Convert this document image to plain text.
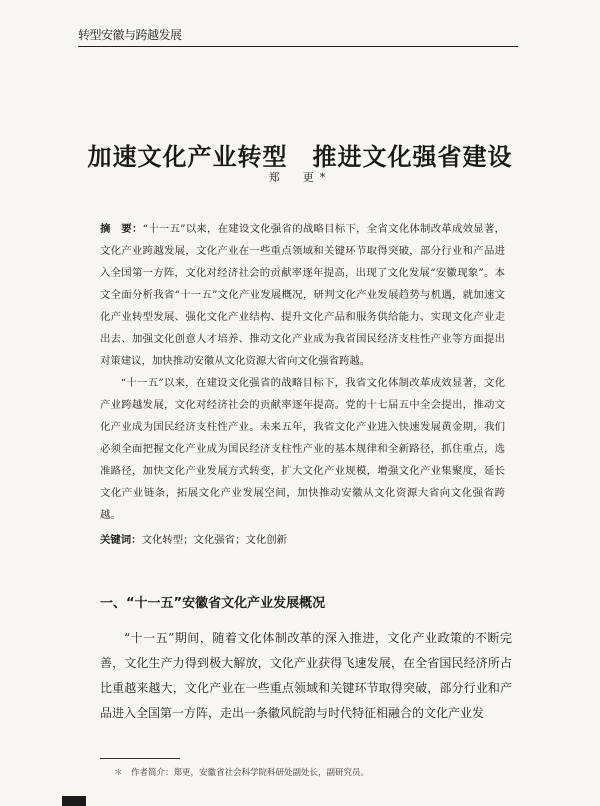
转型安徽与跨越发展
加速文化产业转型　推进文化强省建设
郑　更*

摘　要：“十一五”以来，在建设文化强省的战略目标下，全省文化体制改革成效显著，文化产业跨越发展，文化产业在一些重点领域和关键环节取得突破，部分行业和产品进入全国第一方阵，文化对经济社会的贡献率逐年提高，出现了文化发展“安徽现象”。本文全面分析我省“十一五”文化产业发展概况，研判文化产业发展趋势与机遇，就加速文化产业转型发展、强化文化产业结构、提升文化产品和服务供给能力、实现文化产业走出去、加强文化创意人才培养、推动文化产业成为我省国民经济支柱性产业等方面提出对策建议，加快推动安徽从文化资源大省向文化强省跨越。

“十一五”以来，在建设文化强省的战略目标下，我省文化体制改革成效显著，文化产业跨越发展，文化对经济社会的贡献率逐年提高。党的十七届五中全会提出，推动文化产业成为国民经济支柱性产业。未来五年，我省文化产业进入快速发展黄金期，我们必须全面把握文化产业成为国民经济支柱性产业的基本规律和全新路径，抓住重点，选准路径，加快文化产业发展方式转变，扩大文化产业规模，增强文化产业集聚度，延长文化产业链条，拓展文化产业发展空间，加快推动安徽从文化资源大省向文化强省跨越。

关键词：文化转型；文化强省；文化创新

一、“十一五”安徽省文化产业发展概况

“十一五”期间，随着文化体制改革的深入推进，文化产业政策的不断完善，文化生产力得到极大解放，文化产业获得飞速发展，在全省国民经济所占比重越来越大，文化产业在一些重点领域和关键环节取得突破，部分行业和产品进入全国第一方阵，走出一条徽风皖韵与时代特征相融合的文化产业发

＊　作者简介：郑更，安徽省社会科学院科研处副处长，副研究员。
